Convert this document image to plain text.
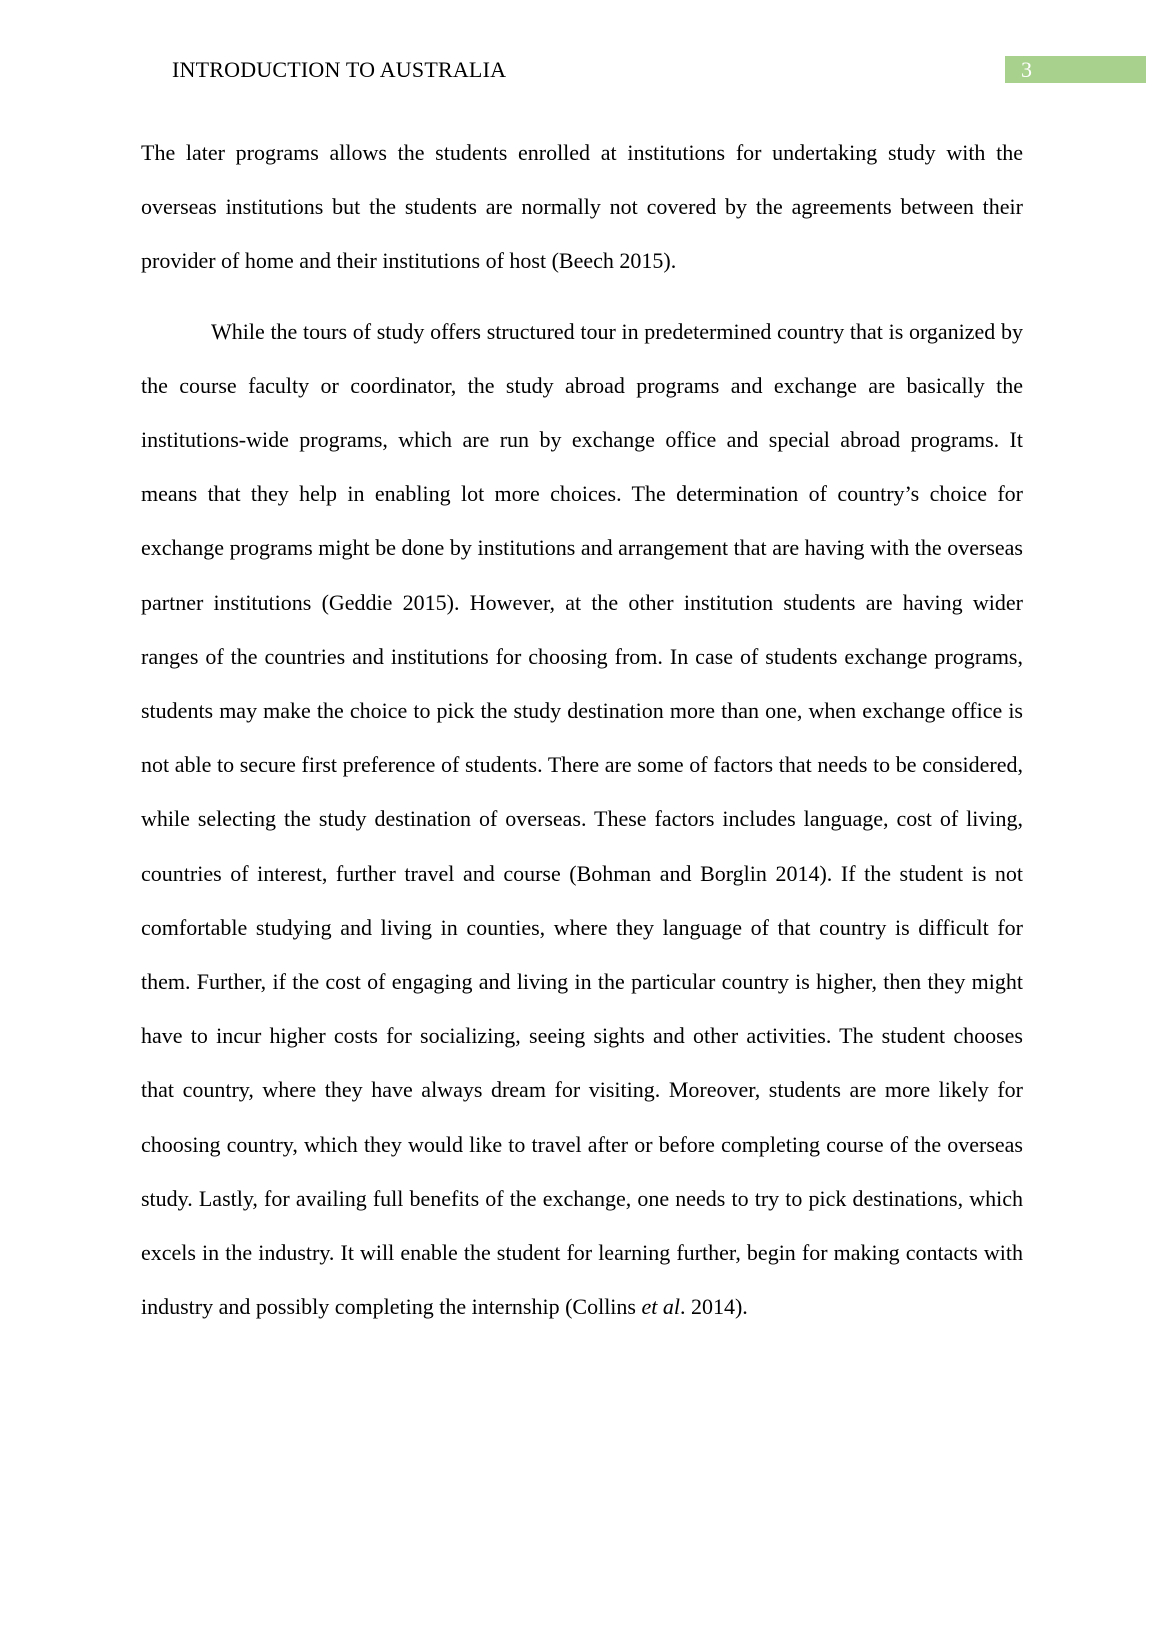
INTRODUCTION TO AUSTRALIA	3

The later programs allows the students enrolled at institutions for undertaking study with the overseas institutions but the students are normally not covered by the agreements between their provider of home and their institutions of host (Beech 2015).

While the tours of study offers structured tour in predetermined country that is organized by the course faculty or coordinator, the study abroad programs and exchange are basically the institutions-wide programs, which are run by exchange office and special abroad programs. It means that they help in enabling lot more choices. The determination of country’s choice for exchange programs might be done by institutions and arrangement that are having with the overseas partner institutions (Geddie 2015). However, at the other institution students are having wider ranges of the countries and institutions for choosing from. In case of students exchange programs, students may make the choice to pick the study destination more than one, when exchange office is not able to secure first preference of students. There are some of factors that needs to be considered, while selecting the study destination of overseas. These factors includes language, cost of living, countries of interest, further travel and course (Bohman and Borglin 2014). If the student is not comfortable studying and living in counties, where they language of that country is difficult for them. Further, if the cost of engaging and living in the particular country is higher, then they might have to incur higher costs for socializing, seeing sights and other activities. The student chooses that country, where they have always dream for visiting. Moreover, students are more likely for choosing country, which they would like to travel after or before completing course of the overseas study. Lastly, for availing full benefits of the exchange, one needs to try to pick destinations, which excels in the industry. It will enable the student for learning further, begin for making contacts with industry and possibly completing the internship (Collins et al. 2014).
